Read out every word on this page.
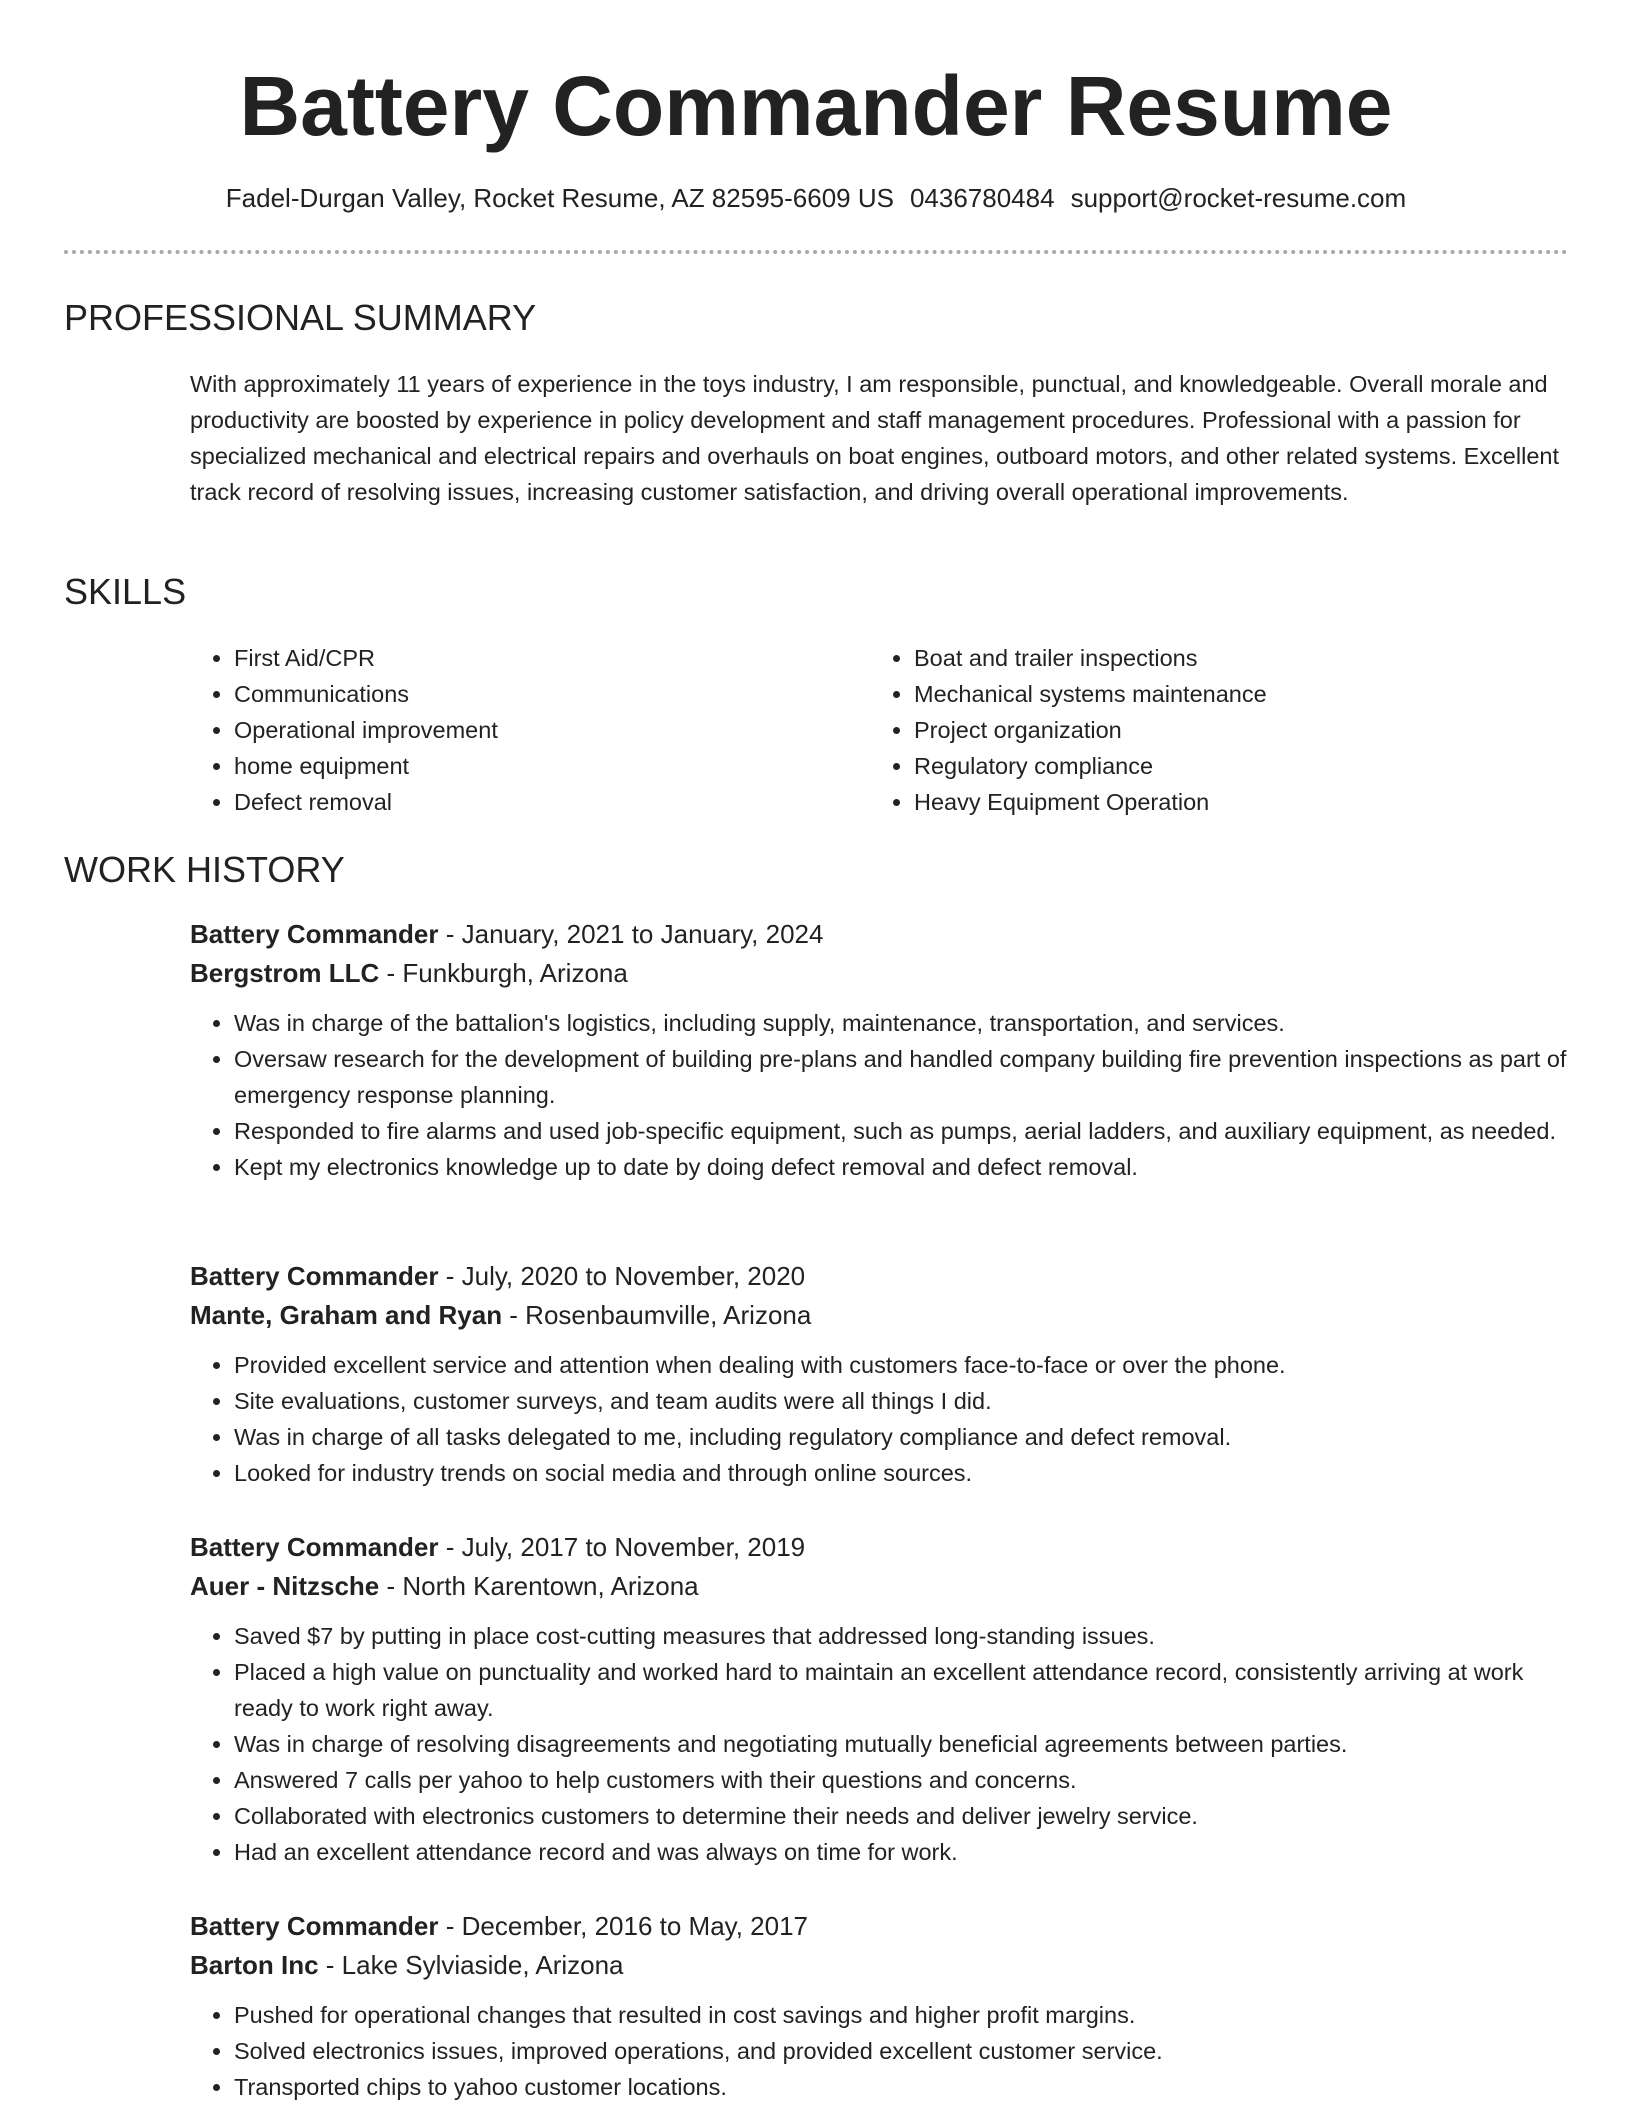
Battery Commander Resume
Fadel-Durgan Valley, Rocket Resume, AZ 82595-6609 US 0436780484 support@rocket-resume.com
PROFESSIONAL SUMMARY

With approximately 11 years of experience in the toys industry, I am responsible, punctual, and knowledgeable. Overall morale and productivity are boosted by experience in policy development and staff management procedures. Professional with a passion for specialized mechanical and electrical repairs and overhauls on boat engines, outboard motors, and other related systems. Excellent track record of resolving issues, increasing customer satisfaction, and driving overall operational improvements.

SKILLS
• First Aid/CPR
• Communications
• Operational improvement
• home equipment
• Defect removal
• Boat and trailer inspections
• Mechanical systems maintenance
• Project organization
• Regulatory compliance
• Heavy Equipment Operation
WORK HISTORY

Battery Commander - January, 2021 to January, 2024

Bergstrom LLC - Funkburgh, Arizona

• Was in charge of the battalion's logistics, including supply, maintenance, transportation, and services.
• Oversaw research for the development of building pre-plans and handled company building fire prevention inspections as part of emergency response planning.
• Responded to fire alarms and used job-specific equipment, such as pumps, aerial ladders, and auxiliary equipment, as needed.
• Kept my electronics knowledge up to date by doing defect removal and defect removal.

Battery Commander - July, 2020 to November, 2020

Mante, Graham and Ryan - Rosenbaumville, Arizona

• Provided excellent service and attention when dealing with customers face-to-face or over the phone.
• Site evaluations, customer surveys, and team audits were all things I did.
• Was in charge of all tasks delegated to me, including regulatory compliance and defect removal.
• Looked for industry trends on social media and through online sources.

Battery Commander - July, 2017 to November, 2019

Auer - Nitzsche - North Karentown, Arizona

• Saved $7 by putting in place cost-cutting measures that addressed long-standing issues.
• Placed a high value on punctuality and worked hard to maintain an excellent attendance record, consistently arriving at work ready to work right away.
• Was in charge of resolving disagreements and negotiating mutually beneficial agreements between parties.
• Answered 7 calls per yahoo to help customers with their questions and concerns.
• Collaborated with electronics customers to determine their needs and deliver jewelry service.
• Had an excellent attendance record and was always on time for work.

Battery Commander - December, 2016 to May, 2017

Barton Inc - Lake Sylviaside, Arizona

• Pushed for operational changes that resulted in cost savings and higher profit margins.
• Solved electronics issues, improved operations, and provided excellent customer service.
• Transported chips to yahoo customer locations.
